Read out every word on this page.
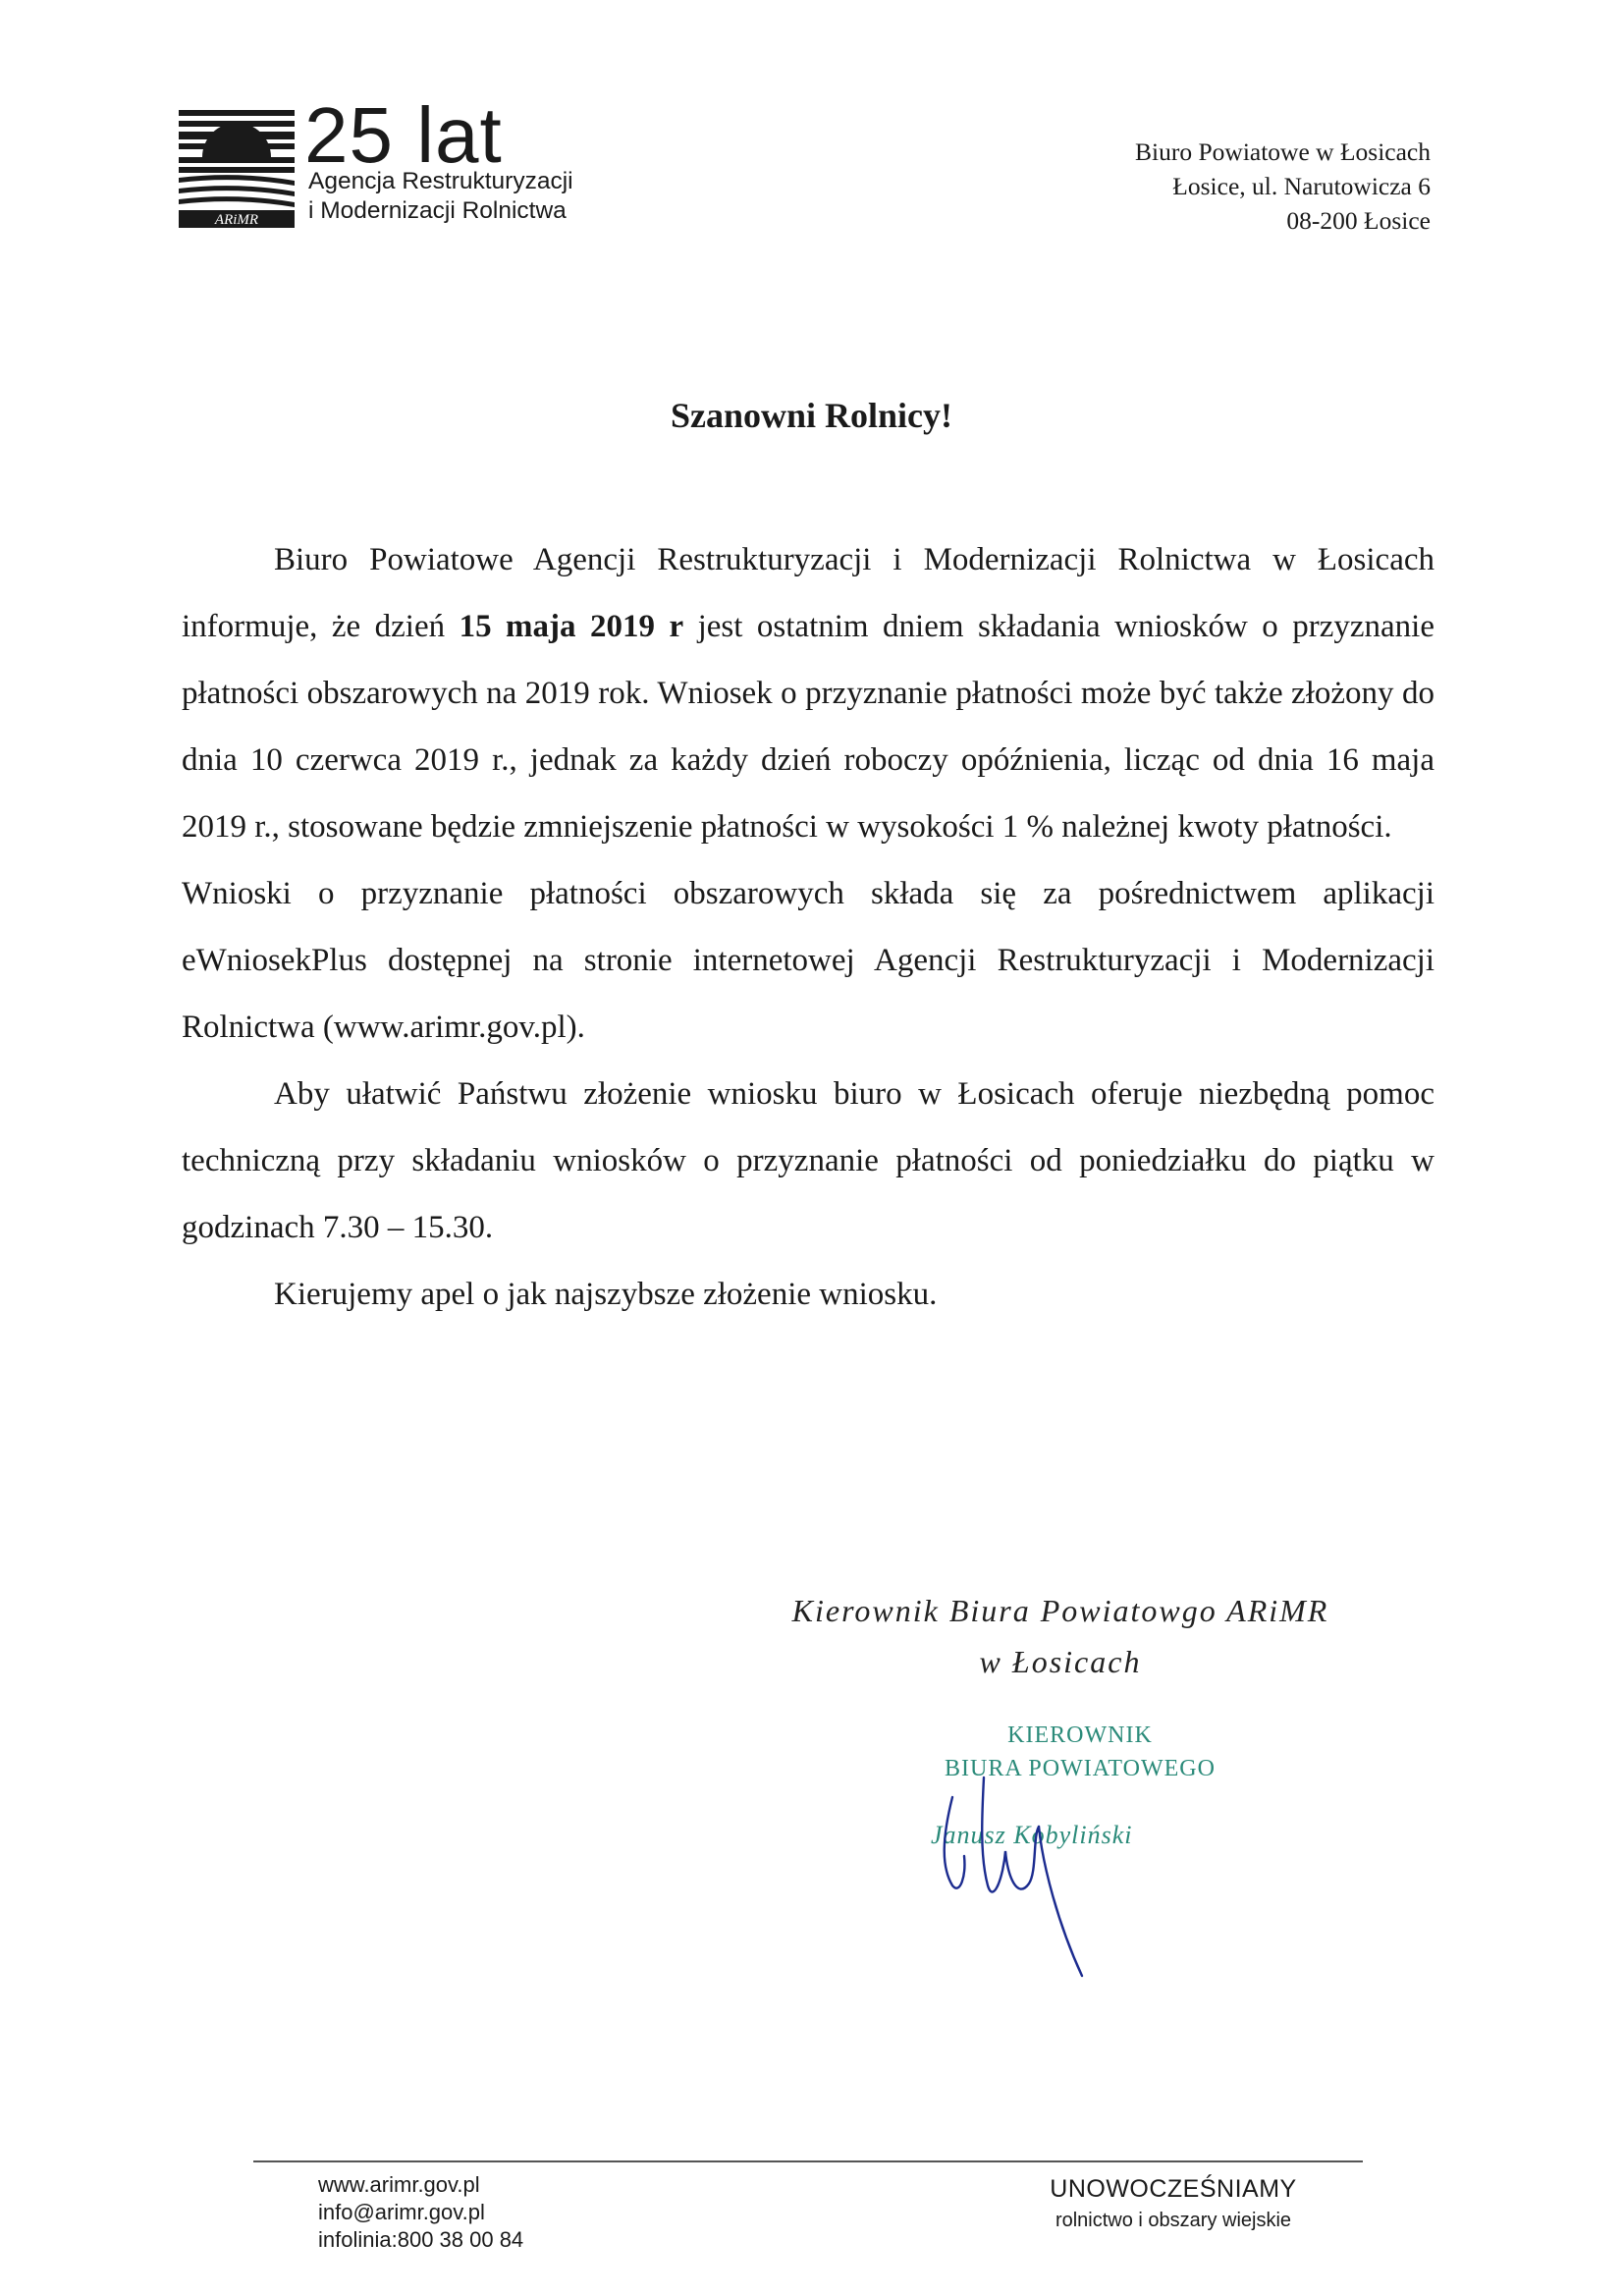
ARiMR
25 lat
Agencja Restrukturyzacji
i Modernizacji Rolnictwa
Biuro Powiatowe w Łosicach
Łosice, ul. Narutowicza 6
08-200 Łosice
Szanowni Rolnicy!

Biuro Powiatowe Agencji Restrukturyzacji i Modernizacji Rolnictwa w Łosicach informuje, że dzień 15 maja 2019 r jest ostatnim dniem składania wniosków o przyznanie płatności obszarowych na 2019 rok. Wniosek o przyznanie płatności może być także złożony do dnia 10 czerwca 2019 r., jednak za każdy dzień roboczy opóźnienia, licząc od dnia 16 maja 2019 r., stosowane będzie zmniejszenie płatności w wysokości 1 % należnej kwoty płatności.

Wnioski o przyznanie płatności obszarowych składa się za pośrednictwem aplikacji eWniosekPlus dostępnej na stronie internetowej Agencji Restrukturyzacji i Modernizacji Rolnictwa (www.arimr.gov.pl).

Aby ułatwić Państwu złożenie wniosku biuro w Łosicach oferuje niezbędną pomoc techniczną przy składaniu wniosków o przyznanie płatności od poniedziałku do piątku w godzinach 7.30 – 15.30.

Kierujemy apel o jak najszybsze złożenie wniosku.

Kierownik Biura Powiatowgo ARiMR
w Łosicach
KIEROWNIK
BIURA POWIATOWEGO
Janusz Kobyliński
www.arimr.gov.pl
info@arimr.gov.pl
infolinia:800 38 00 84
UNOWOCZEŚNIAMY
rolnictwo i obszary wiejskie
